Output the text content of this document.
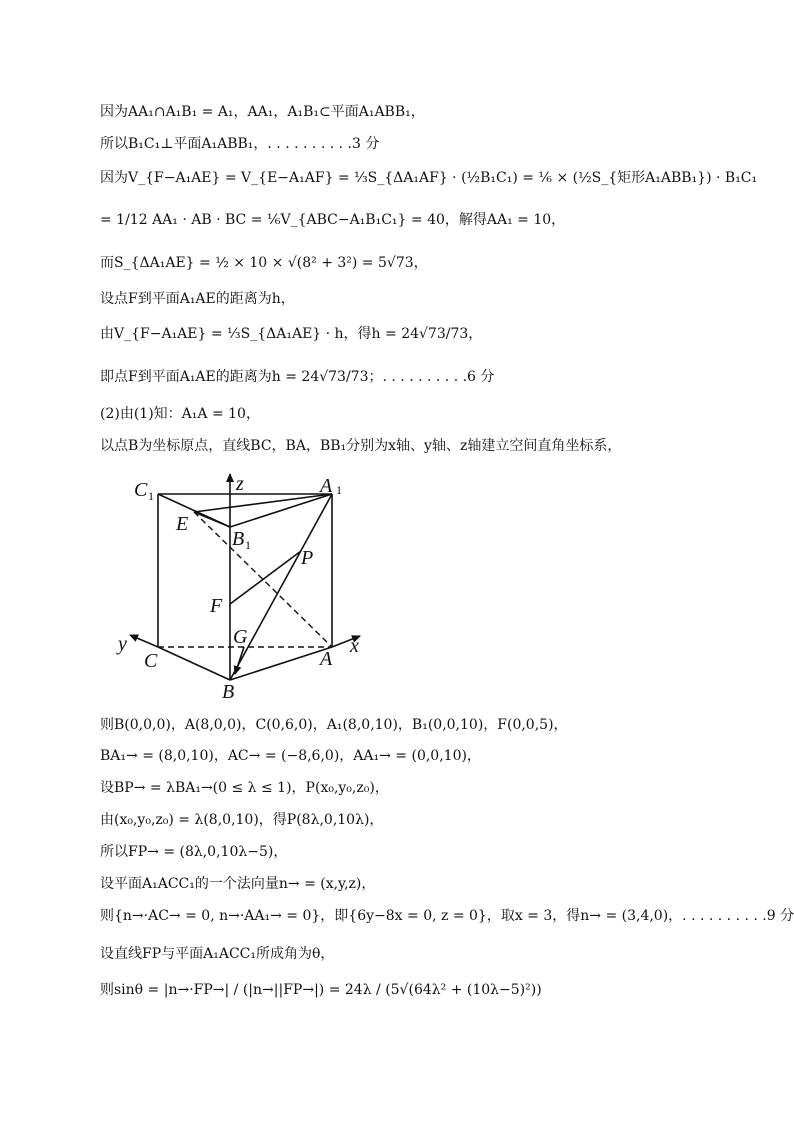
因为AA₁∩A₁B₁ = A₁，AA₁，A₁B₁⊂平面A₁ABB₁，
所以B₁C₁⊥平面A₁ABB₁，. . . . . . . . . .3 分
因为V_{F−A₁AE} = V_{E−A₁AF} = ⅓S_{ΔA₁AF} · (½B₁C₁) = ⅙ × (½S_{矩形A₁ABB₁}) · B₁C₁
= 1/12 AA₁ · AB · BC = ⅙V_{ABC−A₁B₁C₁} = 40，解得AA₁ = 10，
而S_{ΔA₁AE} = ½ × 10 × √(8² + 3²) = 5√73，
设点F到平面A₁AE的距离为h，
由V_{F−A₁AE} = ⅓S_{ΔA₁AE} · h，得h = 24√73/73，
即点F到平面A₁AE的距离为h = 24√73/73；. . . . . . . . . .6 分
(2)由(1)知：A₁A = 10，
以点B为坐标原点，直线BC，BA，BB₁分别为x轴、y轴、z轴建立空间直角坐标系，
C 1	A 1
z
E
B 1
P
F
G
y
C	A
x
B
则B(0,0,0)，A(8,0,0)，C(0,6,0)，A₁(8,0,10)，B₁(0,0,10)，F(0,0,5)，
BA₁→ = (8,0,10)，AC→ = (−8,6,0)，AA₁→ = (0,0,10)，
设BP→ = λBA₁→(0 ≤ λ ≤ 1)，P(x₀,y₀,z₀)，
由(x₀,y₀,z₀) = λ(8,0,10)，得P(8λ,0,10λ)，
所以FP→ = (8λ,0,10λ−5)，
设平面A₁ACC₁的一个法向量n→ = (x,y,z)，
则{n→·AC→ = 0, n→·AA₁→ = 0}，即{6y−8x = 0, z = 0}，取x = 3，得n→ = (3,4,0)，. . . . . . . . . .9 分
设直线FP与平面A₁ACC₁所成角为θ，
则sinθ = |n→·FP→| / (|n→||FP→|) = 24λ / (5√(64λ² + (10λ−5)²))
